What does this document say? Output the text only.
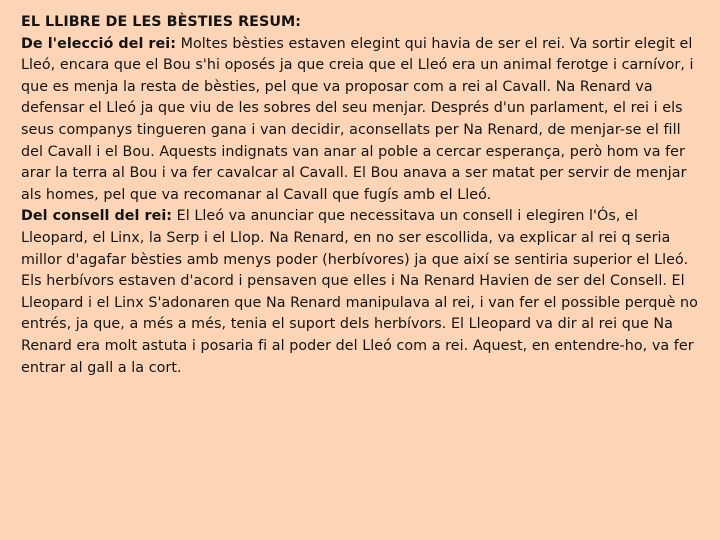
EL LLIBRE DE LES BÈSTIES RESUM:

De l'elecció del rei: Moltes bèsties estaven elegint qui havia de ser el rei. Va sortir elegit el Lleó, encara que el Bou s'hi oposés ja que creia que el Lleó era un animal ferotge i carnívor, i que es menja la resta de bèsties, pel que va proposar com a rei al Cavall. Na Renard va defensar el Lleó ja que viu de les sobres del seu menjar. Després d'un parlament, el rei i els seus companys tingueren gana i van decidir, aconsellats per Na Renard, de menjar-se el fill del Cavall i el Bou. Aquests indignats van anar al poble a cercar esperança, però hom va fer arar la terra al Bou i va fer cavalcar al Cavall. El Bou anava a ser matat per servir de menjar als homes, pel que va recomanar al Cavall que fugís amb el Lleó.

Del consell del rei: El Lleó va anunciar que necessitava un consell i elegiren l'Ós, el Lleopard, el Linx, la Serp i el Llop. Na Renard, en no ser escollida, va explicar al rei q seria millor d'agafar bèsties amb menys poder (herbívores) ja que així se sentiria superior el Lleó. Els herbívors estaven d'acord i pensaven que elles i Na Renard Havien de ser del Consell. El Lleopard i el Linx S'adonaren que Na Renard manipulava al rei, i van fer el possible perquè no entrés, ja que, a més a més, tenia el suport dels herbívors. El Lleopard va dir al rei que Na Renard era molt astuta i posaria fi al poder del Lleó com a rei. Aquest, en entendre-ho, va fer entrar al gall a la cort.
